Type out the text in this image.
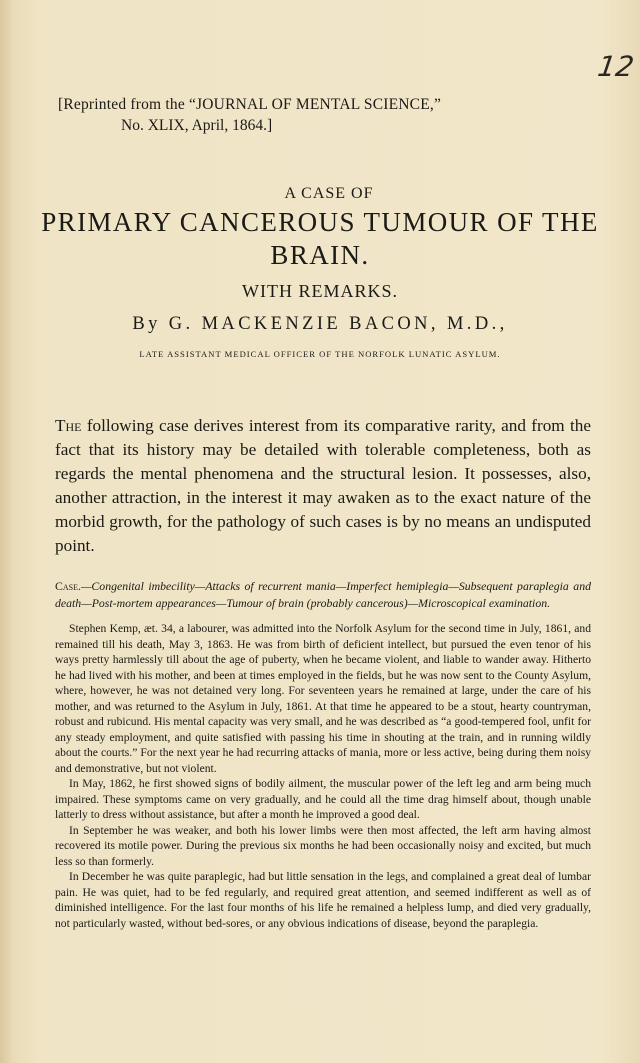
12

[Reprinted from the “JOURNAL OF MENTAL SCIENCE,”

No. XLIX, April, 1864.]

A CASE OF
PRIMARY CANCEROUS TUMOUR OF THE
BRAIN.
WITH REMARKS.
By G. MACKENZIE BACON, M.D.,
LATE ASSISTANT MEDICAL OFFICER OF THE NORFOLK LUNATIC ASYLUM.

The following case derives interest from its comparative rarity, and from the fact that its history may be detailed with tolerable completeness, both as regards the mental phenomena and the structural lesion. It possesses, also, another attraction, in the interest it may awaken as to the exact nature of the morbid growth, for the pathology of such cases is by no means an undisputed point.

Case.—Congenital imbecility—Attacks of recurrent mania—Imperfect hemiplegia—Subsequent paraplegia and death—Post-mortem appearances—Tumour of brain (probably cancerous)—Microscopical examination.

Stephen Kemp, æt. 34, a labourer, was admitted into the Norfolk Asylum for the second time in July, 1861, and remained till his death, May 3, 1863. He was from birth of deficient intellect, but pursued the even tenor of his ways pretty harmlessly till about the age of puberty, when he became violent, and liable to wander away. Hitherto he had lived with his mother, and been at times employed in the fields, but he was now sent to the County Asylum, where, however, he was not detained very long. For seventeen years he remained at large, under the care of his mother, and was returned to the Asylum in July, 1861. At that time he appeared to be a stout, hearty countryman, robust and rubicund. His mental capacity was very small, and he was described as “a good-tempered fool, unfit for any steady employment, and quite satisfied with passing his time in shouting at the train, and in running wildly about the courts.” For the next year he had recurring attacks of mania, more or less active, being during them noisy and demonstrative, but not violent.

In May, 1862, he first showed signs of bodily ailment, the muscular power of the left leg and arm being much impaired. These symptoms came on very gradually, and he could all the time drag himself about, though unable latterly to dress without assistance, but after a month he improved a good deal.

In September he was weaker, and both his lower limbs were then most affected, the left arm having almost recovered its motile power. During the previous six months he had been occasionally noisy and excited, but much less so than formerly.

In December he was quite paraplegic, had but little sensation in the legs, and complained a great deal of lumbar pain. He was quiet, had to be fed regularly, and required great attention, and seemed indifferent as well as of diminished intelligence. For the last four months of his life he remained a helpless lump, and died very gradually, not particularly wasted, without bed-sores, or any obvious indications of disease, beyond the paraplegia.
